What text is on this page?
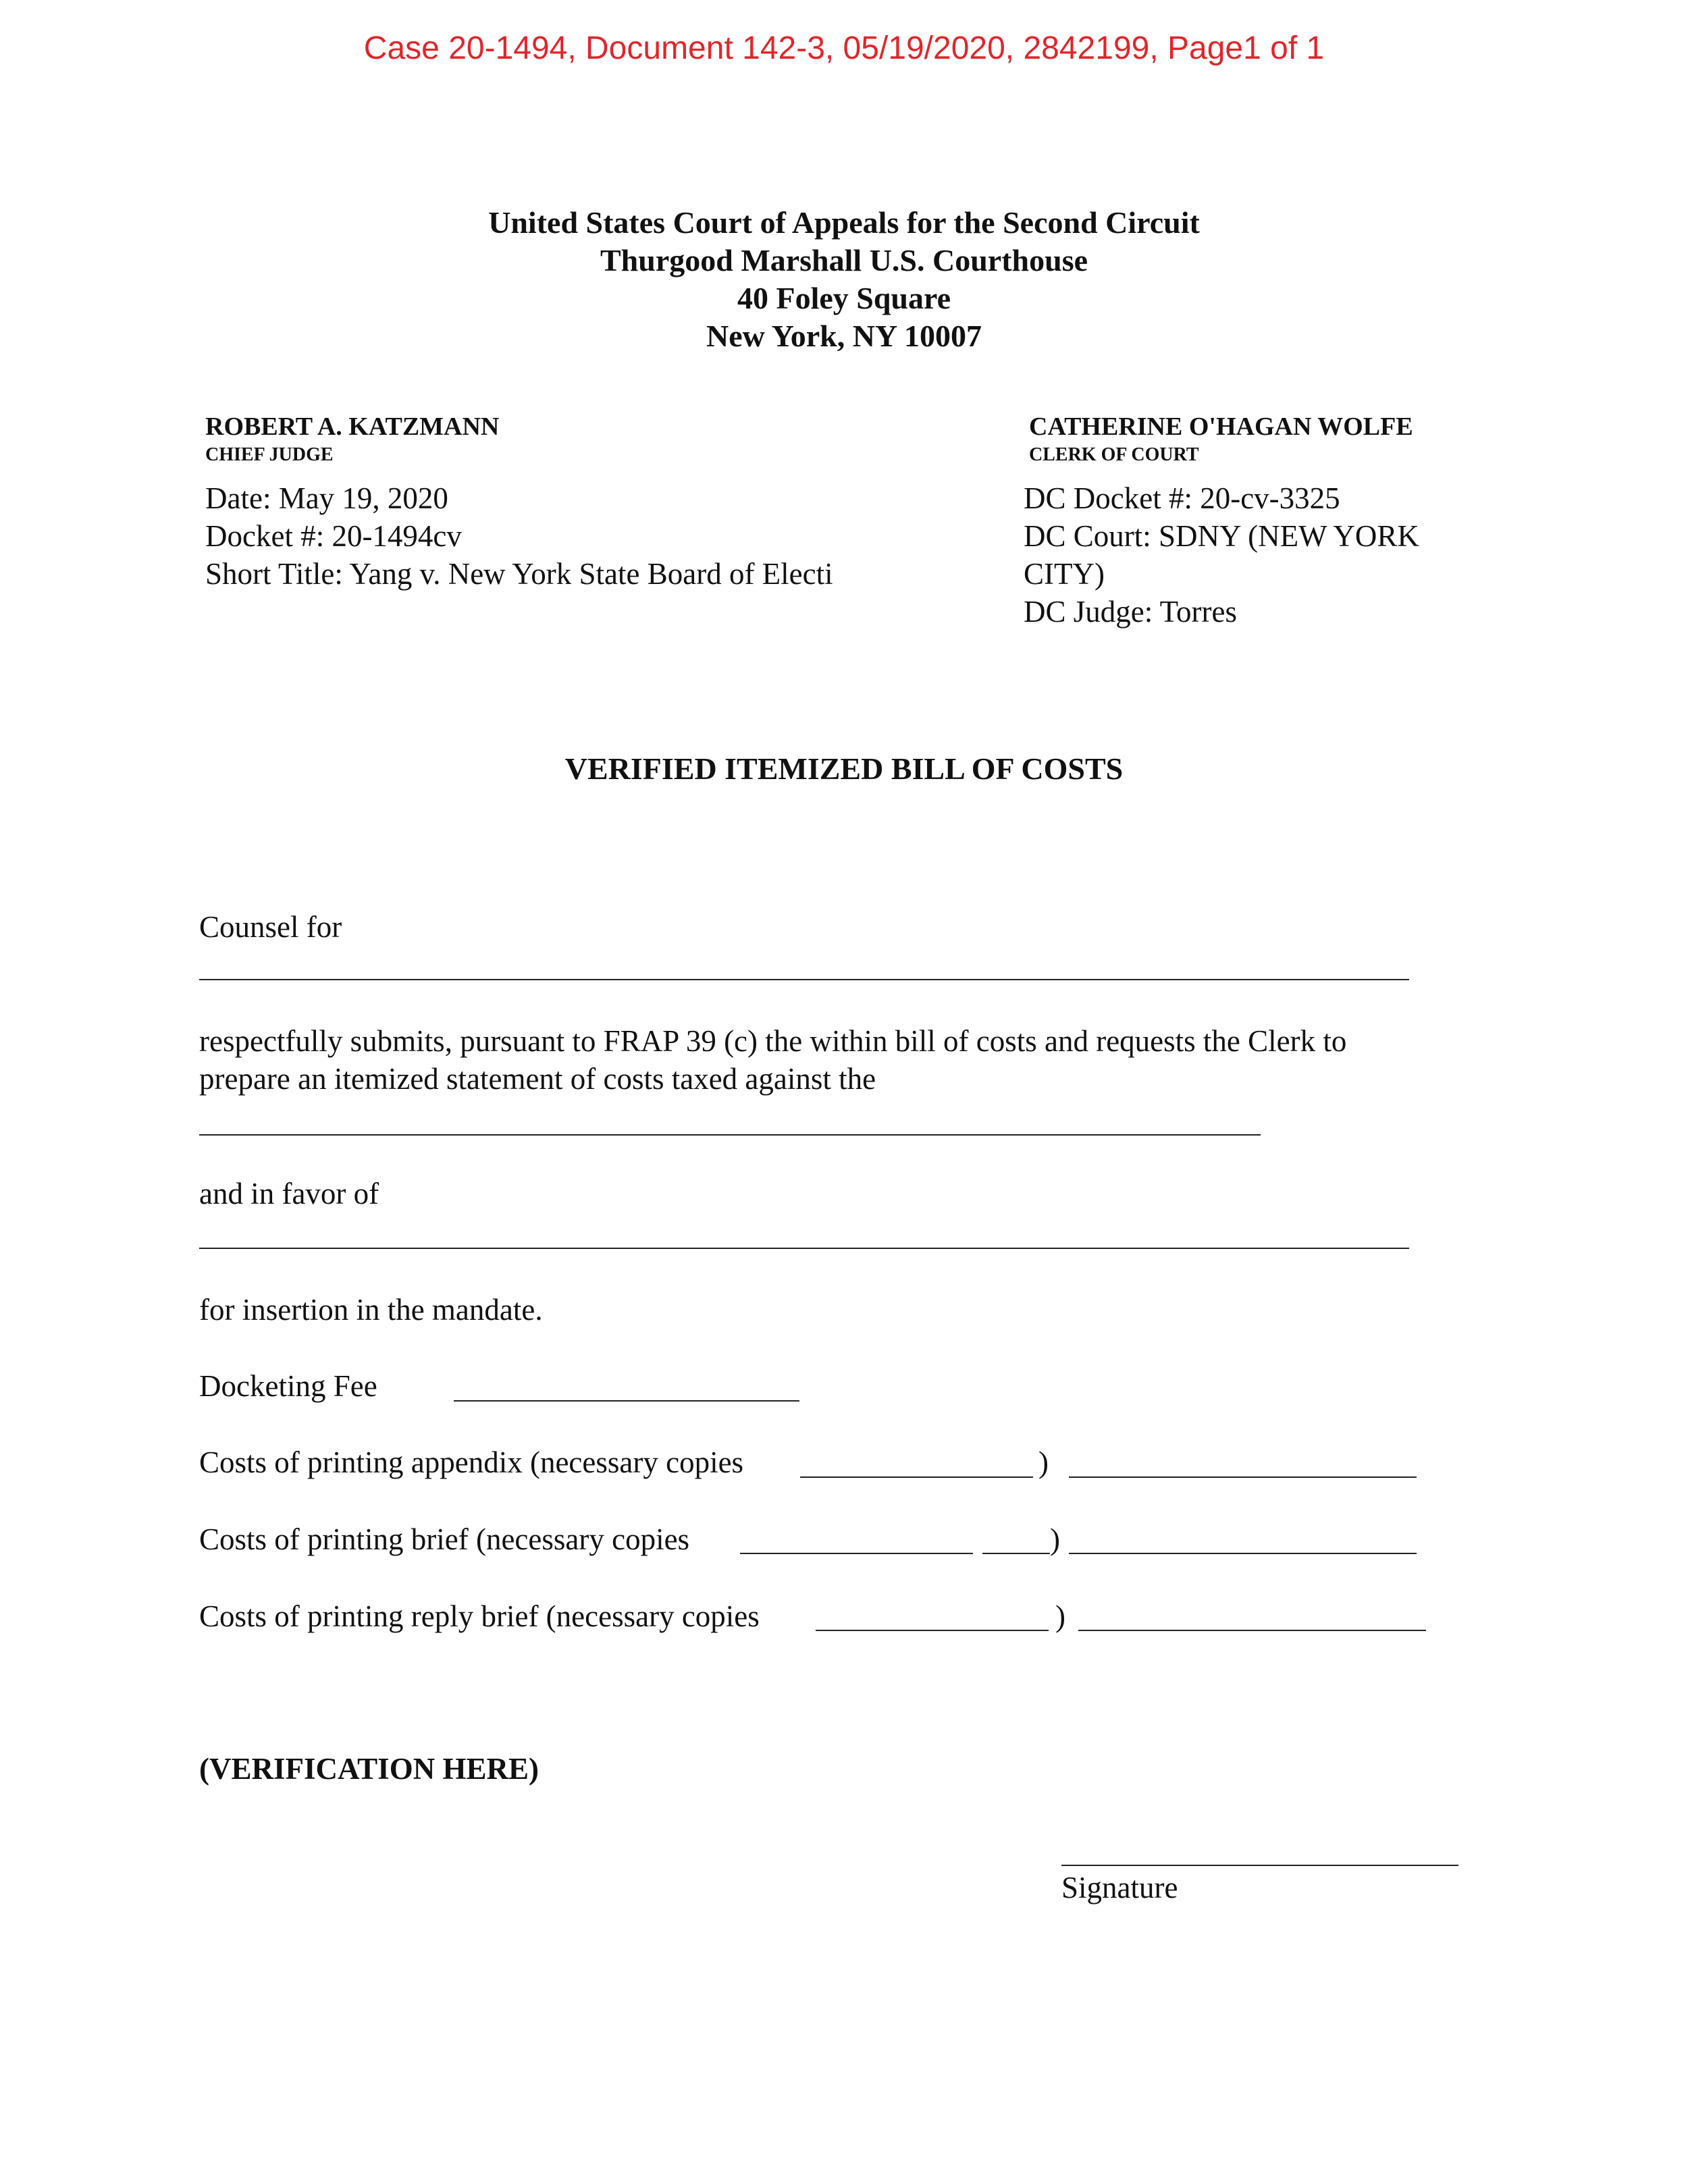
Case 20-1494, Document 142-3, 05/19/2020, 2842199, Page1 of 1
United States Court of Appeals for the Second Circuit
Thurgood Marshall U.S. Courthouse
40 Foley Square
New York, NY 10007
ROBERT A. KATZMANN
CHIEF JUDGE
CATHERINE O'HAGAN WOLFE
CLERK OF COURT
Date: May 19, 2020
Docket #: 20-1494cv
Short Title: Yang v. New York State Board of Electi
DC Docket #: 20-cv-3325
DC Court: SDNY (NEW YORK
CITY)
DC Judge: Torres
VERIFIED ITEMIZED BILL OF COSTS
Counsel for
respectfully submits, pursuant to FRAP 39 (c) the within bill of costs and requests the Clerk to
prepare an itemized statement of costs taxed against the
and in favor of
for insertion in the mandate.
Docketing Fee
Costs of printing appendix (necessary copies	)
Costs of printing brief (necessary copies	)
Costs of printing reply brief (necessary copies	)
(VERIFICATION HERE)
Signature
